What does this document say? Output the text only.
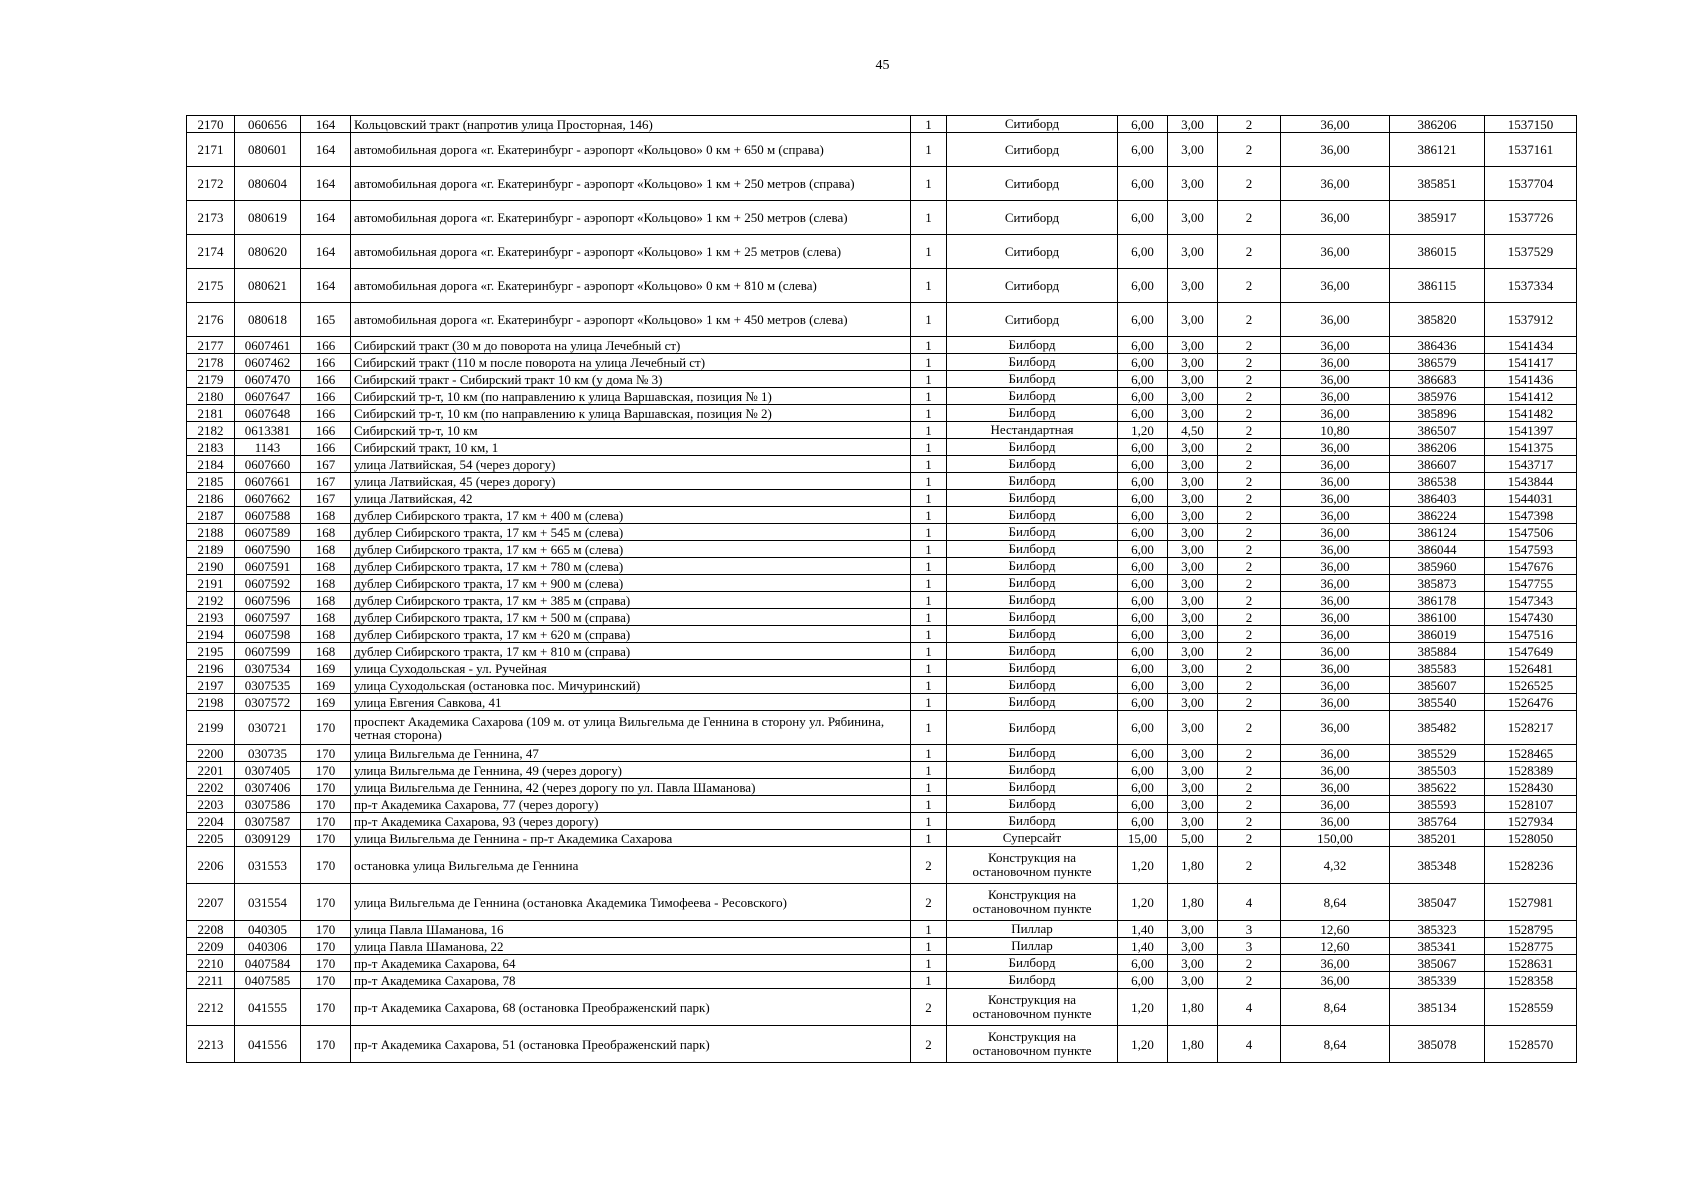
45
2170	060656	164	Кольцовский тракт (напротив улица Просторная, 146)	1	Ситиборд	6,00	3,00	2	36,00	386206	1537150
2171	080601	164	автомобильная дорога «г. Екатеринбург - аэропорт «Кольцово» 0 км + 650 м (справа)	1	Ситиборд	6,00	3,00	2	36,00	386121	1537161
2172	080604	164	автомобильная дорога «г. Екатеринбург - аэропорт «Кольцово» 1 км + 250 метров (справа)	1	Ситиборд	6,00	3,00	2	36,00	385851	1537704
2173	080619	164	автомобильная дорога «г. Екатеринбург - аэропорт «Кольцово» 1 км + 250 метров (слева)	1	Ситиборд	6,00	3,00	2	36,00	385917	1537726
2174	080620	164	автомобильная дорога «г. Екатеринбург - аэропорт «Кольцово» 1 км + 25 метров (слева)	1	Ситиборд	6,00	3,00	2	36,00	386015	1537529
2175	080621	164	автомобильная дорога «г. Екатеринбург - аэропорт «Кольцово» 0 км + 810 м (слева)	1	Ситиборд	6,00	3,00	2	36,00	386115	1537334
2176	080618	165	автомобильная дорога «г. Екатеринбург - аэропорт «Кольцово» 1 км + 450 метров (слева)	1	Ситиборд	6,00	3,00	2	36,00	385820	1537912
2177	0607461	166	Сибирский тракт (30 м до поворота на улица Лечебный ст)	1	Билборд	6,00	3,00	2	36,00	386436	1541434
2178	0607462	166	Сибирский тракт (110 м после поворота на улица Лечебный ст)	1	Билборд	6,00	3,00	2	36,00	386579	1541417
2179	0607470	166	Сибирский тракт - Сибирский тракт 10 км (у дома № 3)	1	Билборд	6,00	3,00	2	36,00	386683	1541436
2180	0607647	166	Сибирский тр-т, 10 км (по направлению к улица Варшавская, позиция № 1)	1	Билборд	6,00	3,00	2	36,00	385976	1541412
2181	0607648	166	Сибирский тр-т, 10 км (по направлению к улица Варшавская, позиция № 2)	1	Билборд	6,00	3,00	2	36,00	385896	1541482
2182	0613381	166	Сибирский тр-т, 10 км	1	Нестандартная	1,20	4,50	2	10,80	386507	1541397
2183	1143	166	Сибирский тракт, 10 км, 1	1	Билборд	6,00	3,00	2	36,00	386206	1541375
2184	0607660	167	улица Латвийская, 54 (через дорогу)	1	Билборд	6,00	3,00	2	36,00	386607	1543717
2185	0607661	167	улица Латвийская, 45 (через дорогу)	1	Билборд	6,00	3,00	2	36,00	386538	1543844
2186	0607662	167	улица Латвийская, 42	1	Билборд	6,00	3,00	2	36,00	386403	1544031
2187	0607588	168	дублер Сибирского тракта, 17 км + 400 м (слева)	1	Билборд	6,00	3,00	2	36,00	386224	1547398
2188	0607589	168	дублер Сибирского тракта, 17 км + 545 м (слева)	1	Билборд	6,00	3,00	2	36,00	386124	1547506
2189	0607590	168	дублер Сибирского тракта, 17 км + 665 м (слева)	1	Билборд	6,00	3,00	2	36,00	386044	1547593
2190	0607591	168	дублер Сибирского тракта, 17 км + 780 м (слева)	1	Билборд	6,00	3,00	2	36,00	385960	1547676
2191	0607592	168	дублер Сибирского тракта, 17 км + 900 м (слева)	1	Билборд	6,00	3,00	2	36,00	385873	1547755
2192	0607596	168	дублер Сибирского тракта, 17 км + 385 м (справа)	1	Билборд	6,00	3,00	2	36,00	386178	1547343
2193	0607597	168	дублер Сибирского тракта, 17 км + 500 м (справа)	1	Билборд	6,00	3,00	2	36,00	386100	1547430
2194	0607598	168	дублер Сибирского тракта, 17 км + 620 м (справа)	1	Билборд	6,00	3,00	2	36,00	386019	1547516
2195	0607599	168	дублер Сибирского тракта, 17 км + 810 м (справа)	1	Билборд	6,00	3,00	2	36,00	385884	1547649
2196	0307534	169	улица Суходольская - ул. Ручейная	1	Билборд	6,00	3,00	2	36,00	385583	1526481
2197	0307535	169	улица Суходольская (остановка пос. Мичуринский)	1	Билборд	6,00	3,00	2	36,00	385607	1526525
2198	0307572	169	улица Евгения Савкова, 41	1	Билборд	6,00	3,00	2	36,00	385540	1526476
2199	030721	170	проспект Академика Сахарова (109 м. от улица Вильгельма де Геннина в сторону ул. Рябинина, четная сторона)	1	Билборд	6,00	3,00	2	36,00	385482	1528217
2200	030735	170	улица Вильгельма де Геннина, 47	1	Билборд	6,00	3,00	2	36,00	385529	1528465
2201	0307405	170	улица Вильгельма де Геннина, 49 (через дорогу)	1	Билборд	6,00	3,00	2	36,00	385503	1528389
2202	0307406	170	улица Вильгельма де Геннина, 42 (через дорогу по ул. Павла Шаманова)	1	Билборд	6,00	3,00	2	36,00	385622	1528430
2203	0307586	170	пр-т Академика Сахарова, 77 (через дорогу)	1	Билборд	6,00	3,00	2	36,00	385593	1528107
2204	0307587	170	пр-т Академика Сахарова, 93 (через дорогу)	1	Билборд	6,00	3,00	2	36,00	385764	1527934
2205	0309129	170	улица Вильгельма де Геннина - пр-т Академика Сахарова	1	Суперсайт	15,00	5,00	2	150,00	385201	1528050
2206	031553	170	остановка улица Вильгельма де Геннина	2	Конструкция на остановочном пункте	1,20	1,80	2	4,32	385348	1528236
2207	031554	170	улица Вильгельма де Геннина (остановка Академика Тимофеева - Ресовского)	2	Конструкция на остановочном пункте	1,20	1,80	4	8,64	385047	1527981
2208	040305	170	улица Павла Шаманова, 16	1	Пиллар	1,40	3,00	3	12,60	385323	1528795
2209	040306	170	улица Павла Шаманова, 22	1	Пиллар	1,40	3,00	3	12,60	385341	1528775
2210	0407584	170	пр-т Академика Сахарова, 64	1	Билборд	6,00	3,00	2	36,00	385067	1528631
2211	0407585	170	пр-т Академика Сахарова, 78	1	Билборд	6,00	3,00	2	36,00	385339	1528358
2212	041555	170	пр-т Академика Сахарова, 68 (остановка Преображенский парк)	2	Конструкция на остановочном пункте	1,20	1,80	4	8,64	385134	1528559
2213	041556	170	пр-т Академика Сахарова, 51 (остановка Преображенский парк)	2	Конструкция на остановочном пункте	1,20	1,80	4	8,64	385078	1528570
